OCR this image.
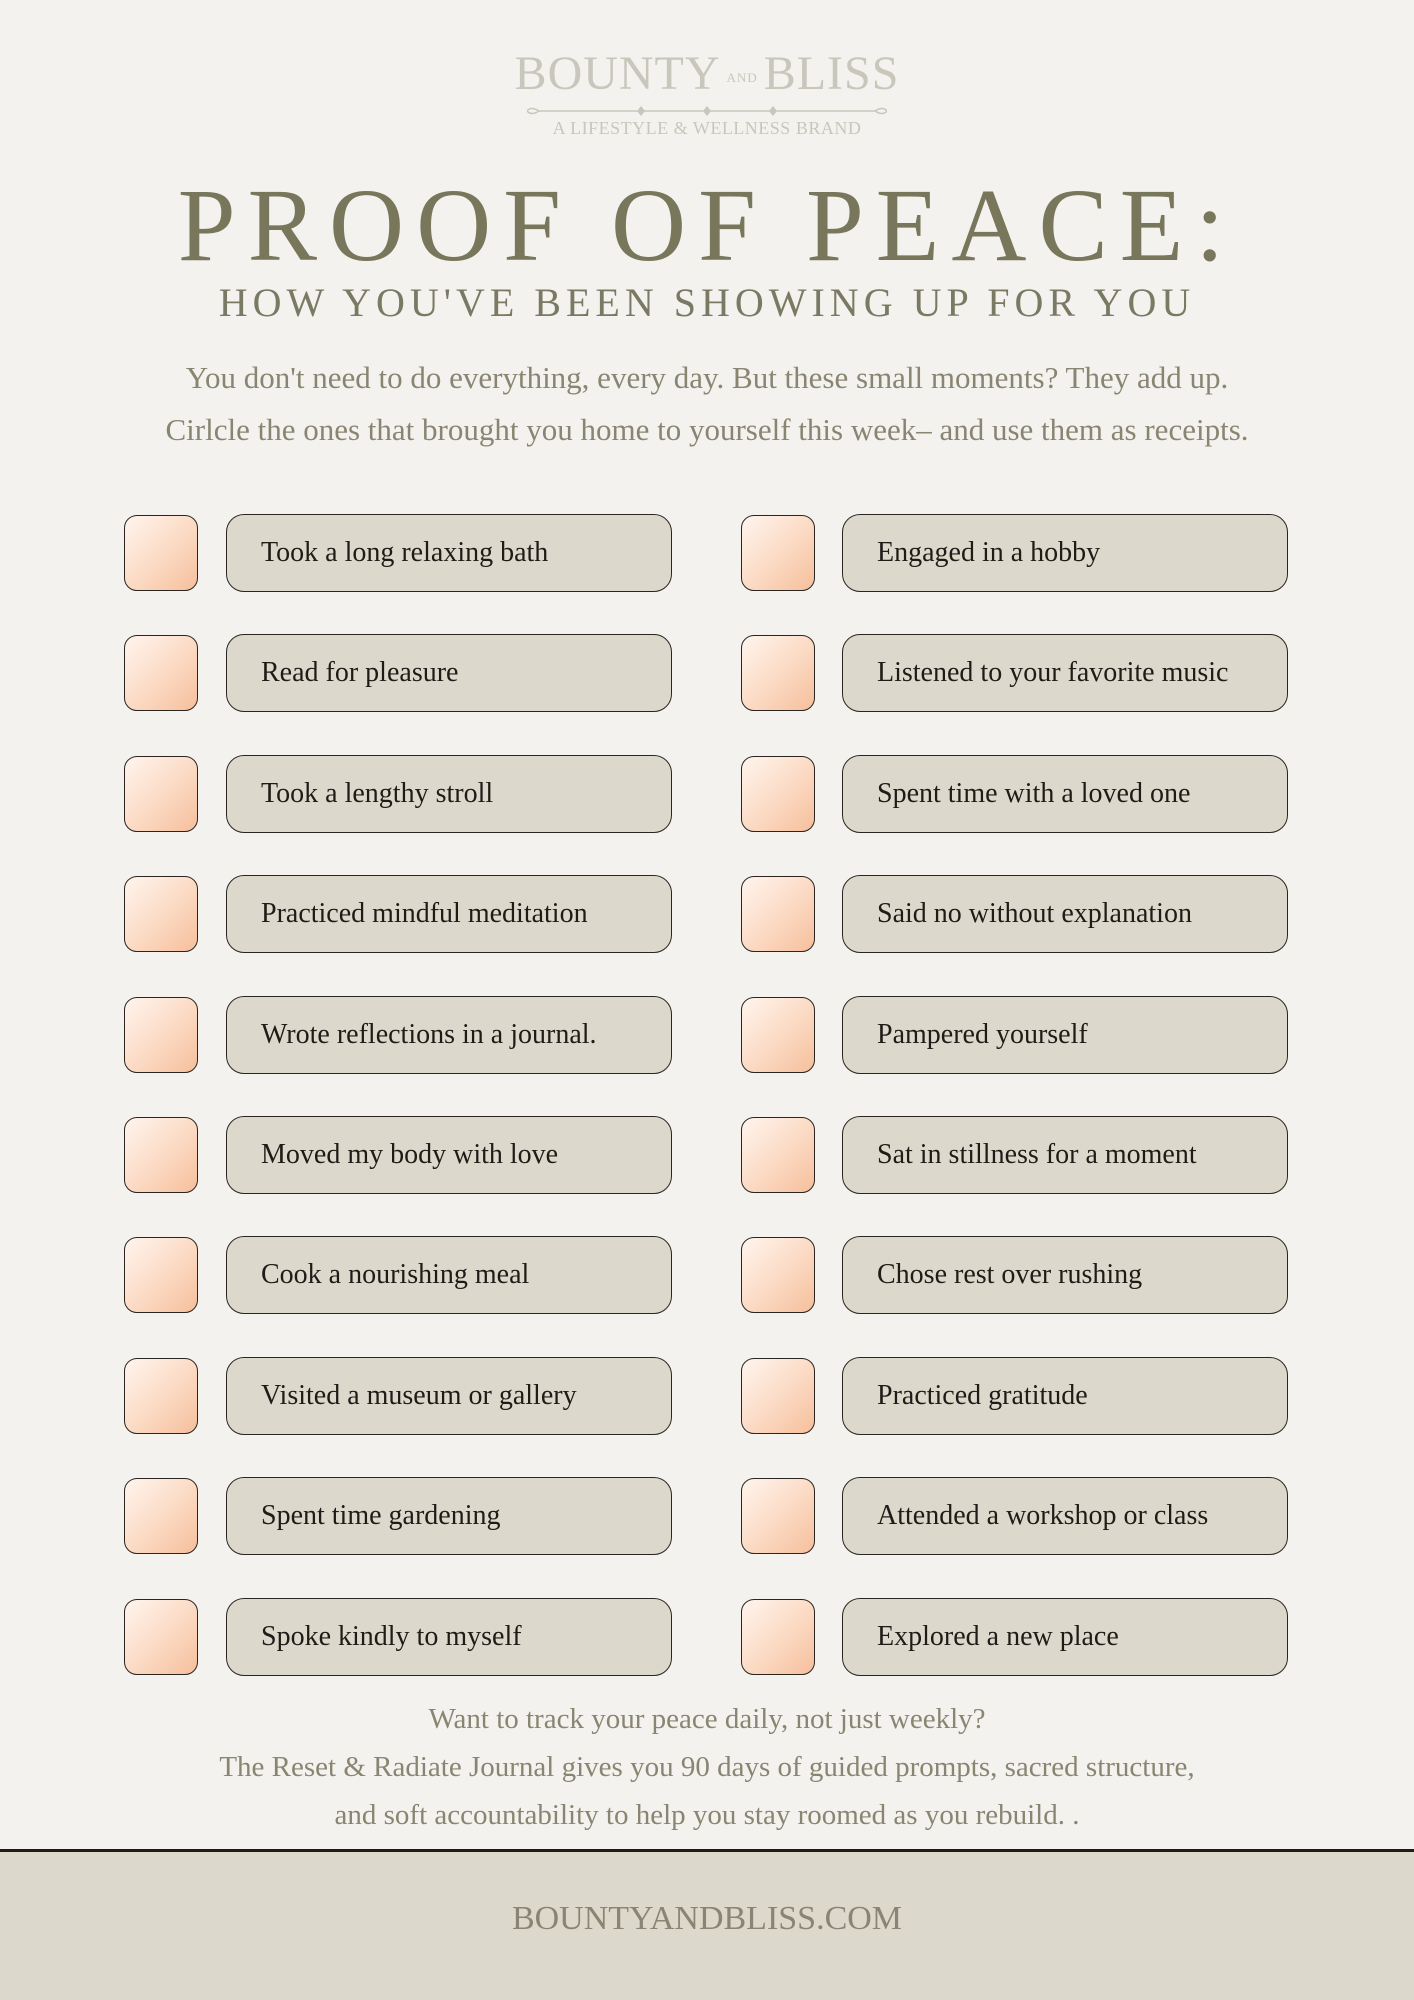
BOUNTY AND BLISS
A LIFESTYLE & WELLNESS BRAND
PROOF OF PEACE:
HOW YOU'VE BEEN SHOWING UP FOR YOU
You don't need to do everything, every day. But these small moments? They add up.
Cirlcle the ones that brought you home to yourself this week– and use them as receipts.
Took a long relaxing bath
Read for pleasure
Took a lengthy stroll
Practiced mindful meditation
Wrote reflections in a journal.
Moved my body with love
Cook a nourishing meal
Visited a museum or gallery
Spent time gardening
Spoke kindly to myself
Engaged in a hobby
Listened to your favorite music
Spent time with a loved one
Said no without explanation
Pampered yourself
Sat in stillness for a moment
Chose rest over rushing
Practiced gratitude
Attended a workshop or class
Explored a new place
Want to track your peace daily, not just weekly?
The Reset & Radiate Journal gives you 90 days of guided prompts, sacred structure,
and soft accountability to help you stay roomed as you rebuild. .
BOUNTYANDBLISS.COM
